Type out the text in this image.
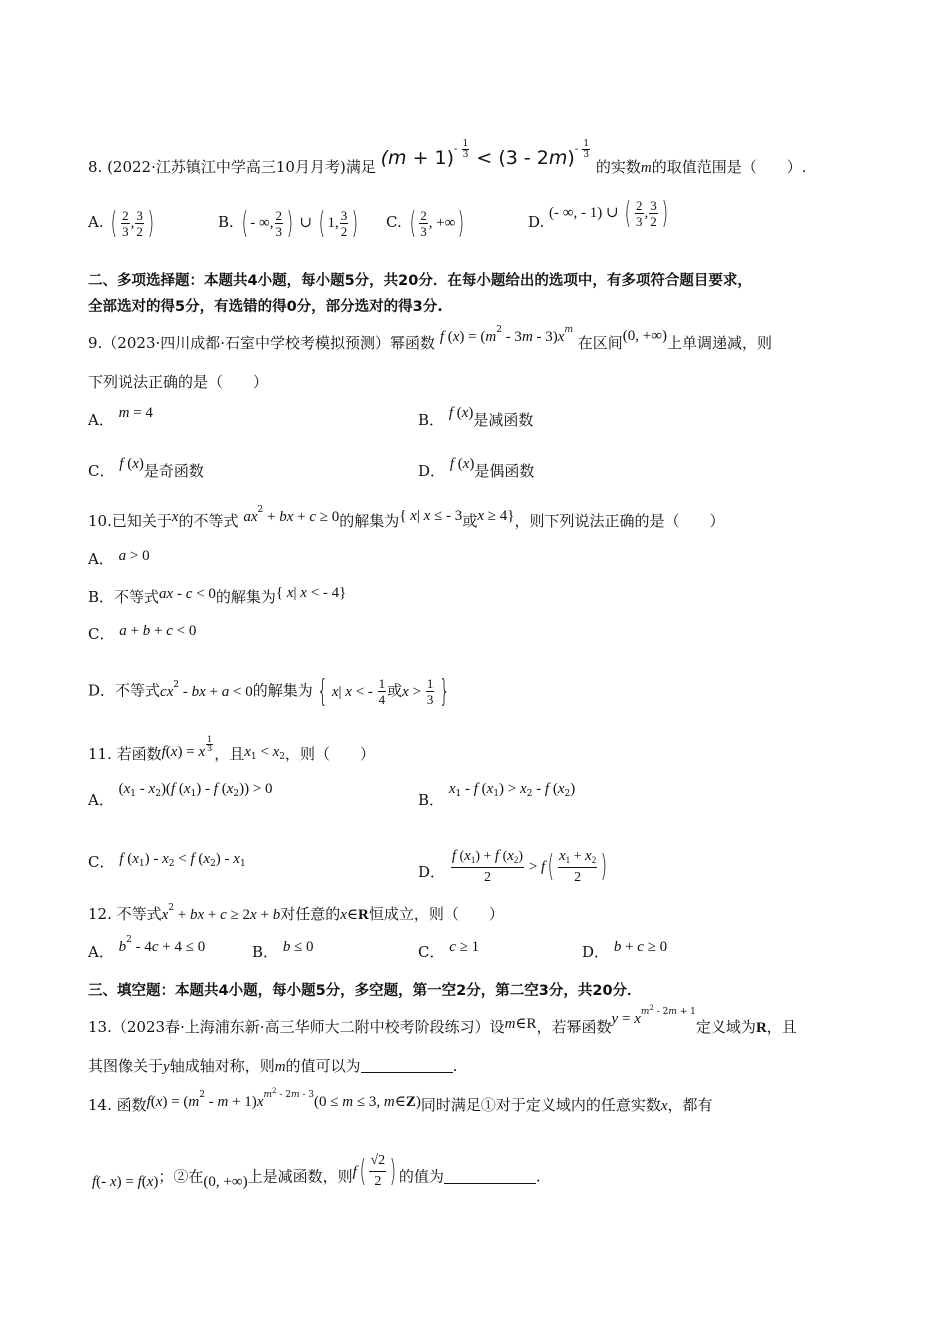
8. (2022·江苏镇江中学高三10月月考)满足 $(m + 1)^{- \frac{1}{3}} < (3 - 2m)^{- \frac{1}{3}}$
的实数m的取值范围是（　　）.
A. ( $\frac{2}{3}$ , $\frac{3}{2}$ )	B. ( - ∞, $\frac{2}{3}$ ) ∪ ( 1, $\frac{3}{2}$ ) C. ( $\frac{2}{3}$ , +∞)	D. (- ∞, - 1) ∪ ( $\frac{2}{3}$ , $\frac{3}{2}$ )
二、多项选择题：本题共4小题，每小题5分，共20分．在每小题给出的选项中，有多项符合题目要求，
全部选对的得5分，有选错的得0分，部分选对的得3分.
9.（2023·四川成都·石室中学校考模拟预测）幂函数 f $(x) = (m^2 - 3m - 3)x^m$ 在区间(0, +∞)上单调递减，则
下列说法正确的是（　　）
A． m = 4	B． f (x)是减函数
C． f (x)是奇函数	D． f (x)是偶函数
10.已知关于x的不等式 $ax^2$ + bx + c ≥ 0的解集为{ x| x ≤ - 3或x ≥ 4}，则下列说法正确的是（　　）
A． a > 0
B．不等式ax - c < 0的解集为{ x| x < - 4}
C． a + b + c < 0
D．不等式$cx^2$ - bx + a < 0的解集为 { x| x < - $\frac{1}{4}$ 或$x > \frac{1}{3}$ }
11. 若函数f(x) = x $^{\frac{1}{3}}$
，且$x_1 < x_2$，则（　　）
A． $(x_1 - x_2)(f$ $(x_1)$ - f $(x_2)) > 0$
B． $x_1$ - f $(x_1) > x_2 - f$ $(x_2)$
C． f $(x_1) - x_2 < f$ $(x_2) - x_1$	D． $\frac{f (x_1) + f (x_2)}{2} > f( \frac{x_1 + x_2}{2}$ )
12. 不等式$x^2$ + bx + c ≥ 2x + b对任意的x∈R恒成立，则（　　）
A． $b^2 - 4c + 4 \le 0$	B． b ≤ 0	C． c ≥ 1	D． b + c ≥ 0
三、填空题：本题共4小题，每小题5分，多空题，第一空2分，第二空3分，共20分．
13.（2023春·上海浦东新·高三华师大二附中校考阶段练习）设$^{m\in R}$，若幂函数$y = x^{m^2 - 2m + 1}$定义域为R，且
其图像关于y轴成轴对称，则m的值可以为	.
14. 函数$f(x) = (m^2 - m + 1)x^{m^2 - 2m - 3}(0 \le m \le 3$, m∈Z)同时满足①对于定义域内的任意实数x，都有
f(- x) = f(x)；②在(0, +∞)上是减函数，则$f( \frac{√2}{2}$ ) 的值为	.
